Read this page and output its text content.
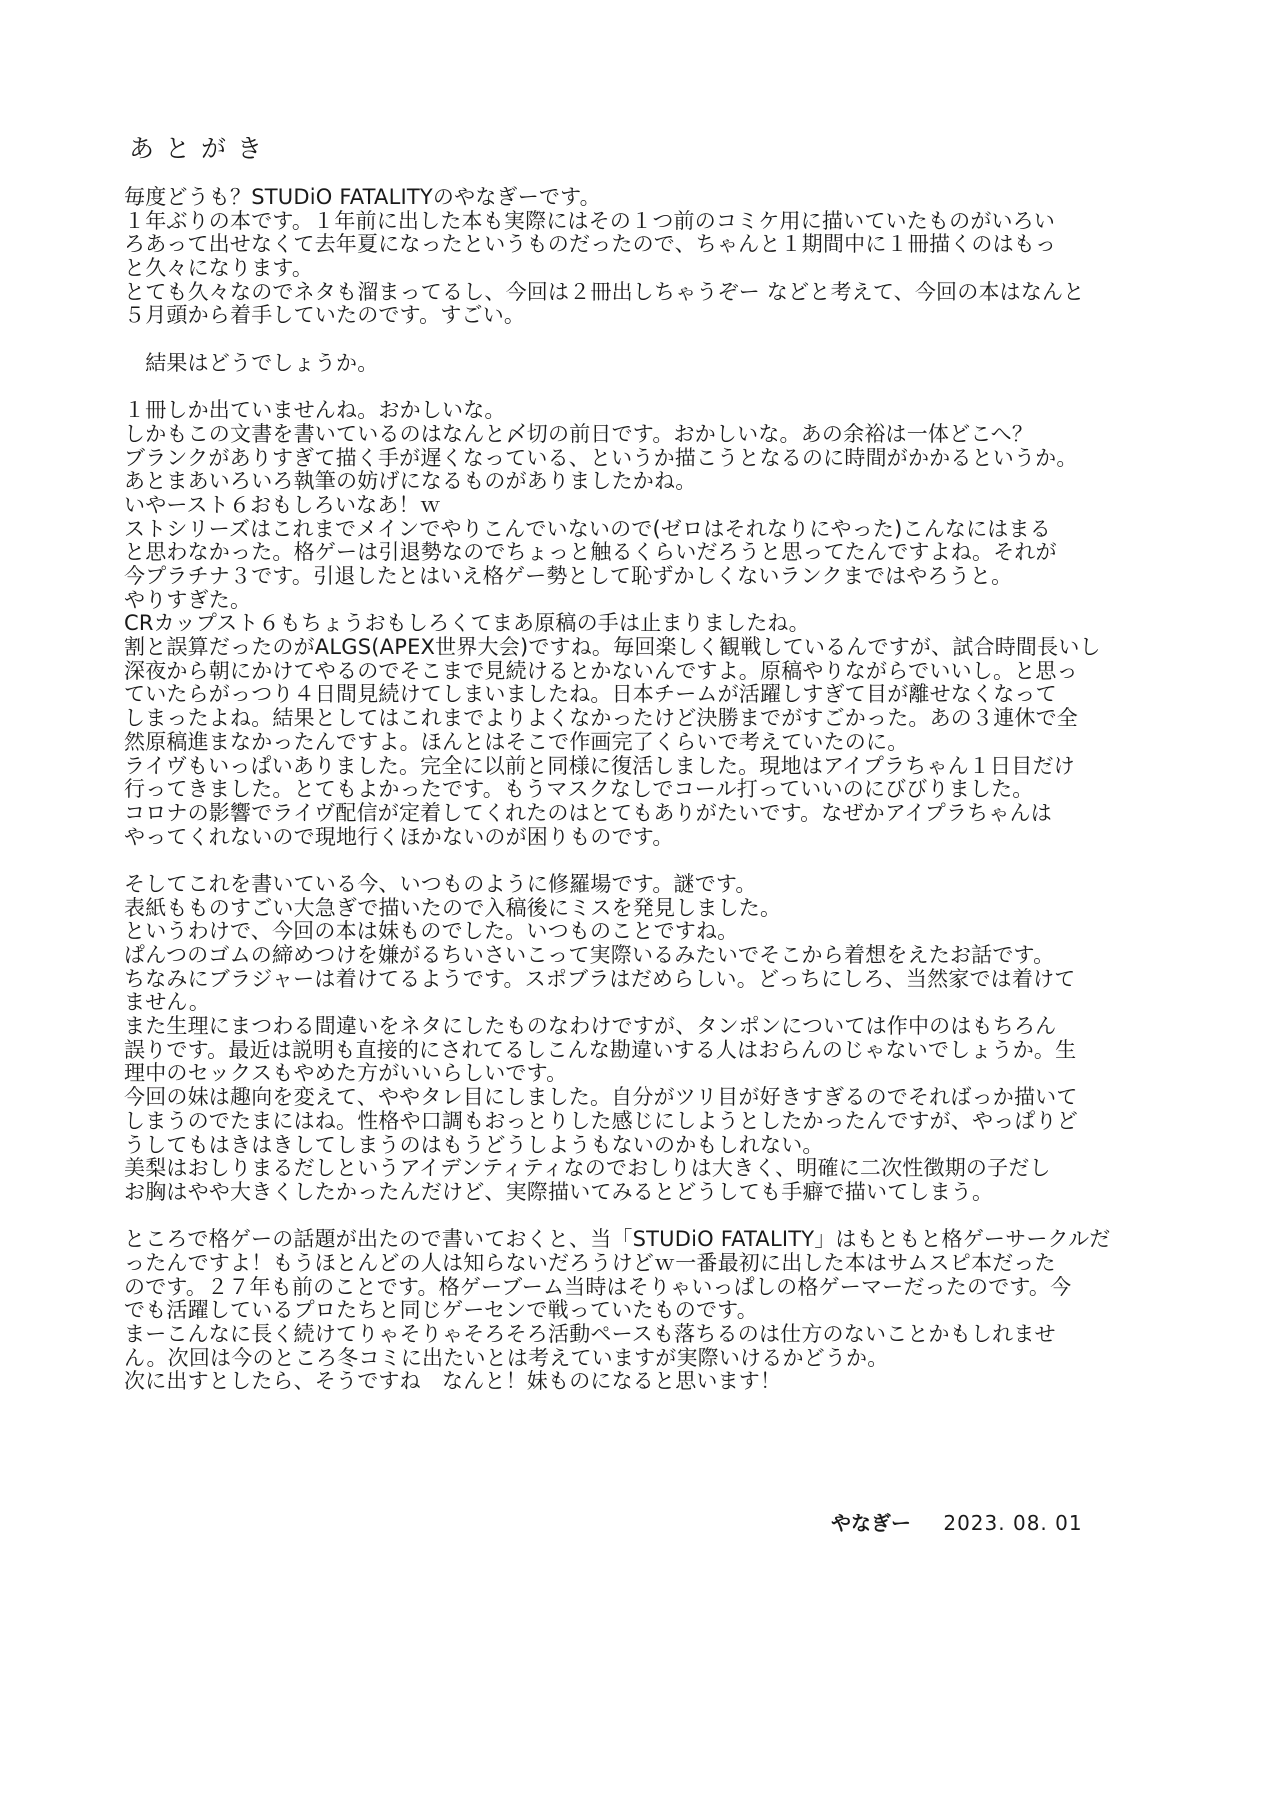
あとがき
毎度どうも？STUDiO FATALITYのやなぎーです。
１年ぶりの本です。１年前に出した本も実際にはその１つ前のコミケ用に描いていたものがいろい
ろあって出せなくて去年夏になったというものだったので、ちゃんと１期間中に１冊描くのはもっ
と久々になります。
とても久々なのでネタも溜まってるし、今回は２冊出しちゃうぞー などと考えて、今回の本はなんと
５月頭から着手していたのです。すごい。
　結果はどうでしょうか。
１冊しか出ていませんね。おかしいな。
しかもこの文書を書いているのはなんと〆切の前日です。おかしいな。あの余裕は一体どこへ？
ブランクがありすぎて描く手が遅くなっている、というか描こうとなるのに時間がかかるというか。
あとまあいろいろ執筆の妨げになるものがありましたかね。
いやースト６おもしろいなあ！ｗ
ストシリーズはこれまでメインでやりこんでいないので(ゼロはそれなりにやった)こんなにはまる
と思わなかった。格ゲーは引退勢なのでちょっと触るくらいだろうと思ってたんですよね。それが
今プラチナ３です。引退したとはいえ格ゲー勢として恥ずかしくないランクまではやろうと。
やりすぎた。
CRカップスト６もちょうおもしろくてまあ原稿の手は止まりましたね。
割と誤算だったのがALGS(APEX世界大会)ですね。毎回楽しく観戦しているんですが、試合時間長いし
深夜から朝にかけてやるのでそこまで見続けるとかないんですよ。原稿やりながらでいいし。と思っ
ていたらがっつり４日間見続けてしまいましたね。日本チームが活躍しすぎて目が離せなくなって
しまったよね。結果としてはこれまでよりよくなかったけど決勝までがすごかった。あの３連休で全
然原稿進まなかったんですよ。ほんとはそこで作画完了くらいで考えていたのに。
ライヴもいっぱいありました。完全に以前と同様に復活しました。現地はアイプラちゃん１日目だけ
行ってきました。とてもよかったです。もうマスクなしでコール打っていいのにびびりました。
コロナの影響でライヴ配信が定着してくれたのはとてもありがたいです。なぜかアイプラちゃんは
やってくれないので現地行くほかないのが困りものです。
そしてこれを書いている今、いつものように修羅場です。謎です。
表紙もものすごい大急ぎで描いたので入稿後にミスを発見しました。
というわけで、今回の本は妹ものでした。いつものことですね。
ぱんつのゴムの締めつけを嫌がるちいさいこって実際いるみたいでそこから着想をえたお話です。
ちなみにブラジャーは着けてるようです。スポブラはだめらしい。どっちにしろ、当然家では着けて
ません。
また生理にまつわる間違いをネタにしたものなわけですが、タンポンについては作中のはもちろん
誤りです。最近は説明も直接的にされてるしこんな勘違いする人はおらんのじゃないでしょうか。生
理中のセックスもやめた方がいいらしいです。
今回の妹は趣向を変えて、ややタレ目にしました。自分がツリ目が好きすぎるのでそればっか描いて
しまうのでたまにはね。性格や口調もおっとりした感じにしようとしたかったんですが、やっぱりど
うしてもはきはきしてしまうのはもうどうしようもないのかもしれない。
美梨はおしりまるだしというアイデンティティなのでおしりは大きく、明確に二次性徴期の子だし
お胸はやや大きくしたかったんだけど、実際描いてみるとどうしても手癖で描いてしまう。
ところで格ゲーの話題が出たので書いておくと、当「STUDiO FATALITY」はもともと格ゲーサークルだ
ったんですよ！もうほとんどの人は知らないだろうけどｗ一番最初に出した本はサムスピ本だった
のです。２７年も前のことです。格ゲーブーム当時はそりゃいっぱしの格ゲーマーだったのです。今
でも活躍しているプロたちと同じゲーセンで戦っていたものです。
まーこんなに長く続けてりゃそりゃそろそろ活動ペースも落ちるのは仕方のないことかもしれませ
ん。次回は今のところ冬コミに出たいとは考えていますが実際いけるかどうか。
次に出すとしたら、そうですね　なんと！妹ものになると思います！
やなぎー 2023. 08. 01
